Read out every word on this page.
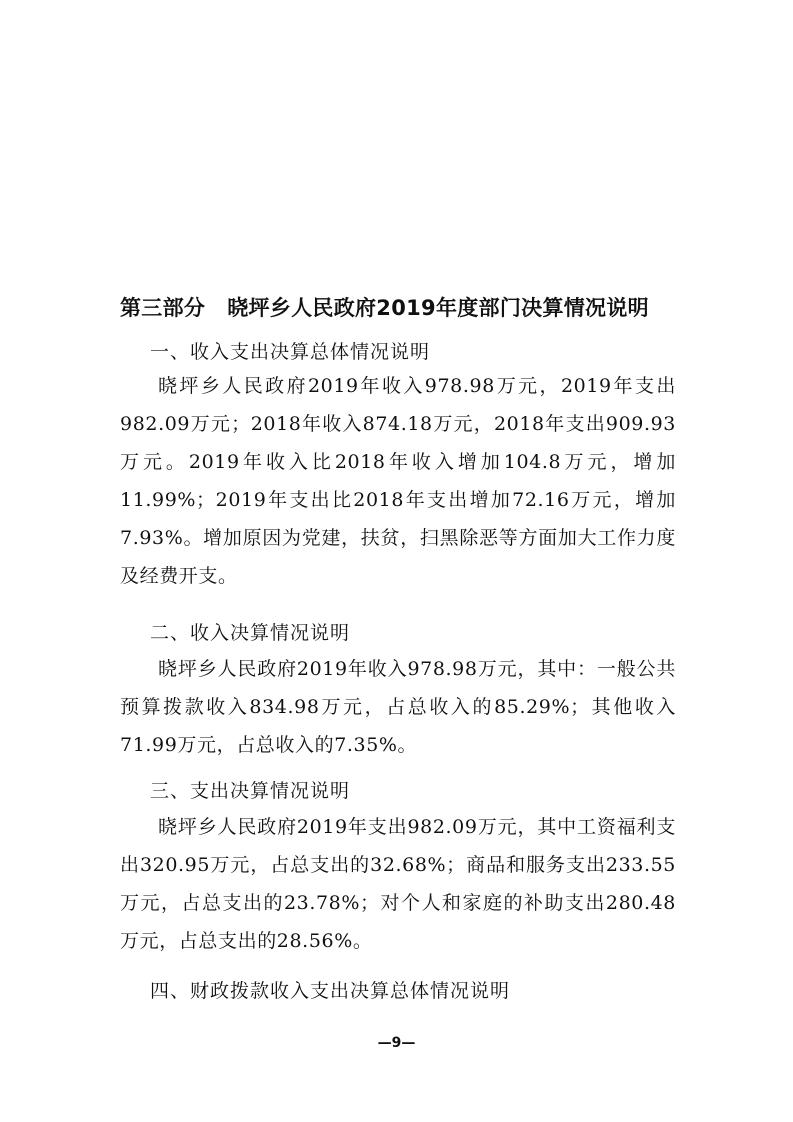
第三部分 晓坪乡人民政府2019年度部门决算情况说明
一、收入支出决算总体情况说明

晓坪乡人民政府2019年收入978.98万元，2019年支出982.09万元；2018年收入874.18万元，2018年支出909.93万元。2019年收入比2018年收入增加104.8万元，增加11.99%；2019年支出比2018年支出增加72.16万元，增加7.93%。增加原因为党建，扶贫，扫黑除恶等方面加大工作力度及经费开支。

二、收入决算情况说明

晓坪乡人民政府2019年收入978.98万元，其中：一般公共预算拨款收入834.98万元，占总收入的85.29%；其他收入71.99万元，占总收入的7.35%。

三、支出决算情况说明

晓坪乡人民政府2019年支出982.09万元，其中工资福利支出320.95万元，占总支出的32.68%；商品和服务支出233.55万元，占总支出的23.78%；对个人和家庭的补助支出280.48万元，占总支出的28.56%。

四、财政拨款收入支出决算总体情况说明
—9—
